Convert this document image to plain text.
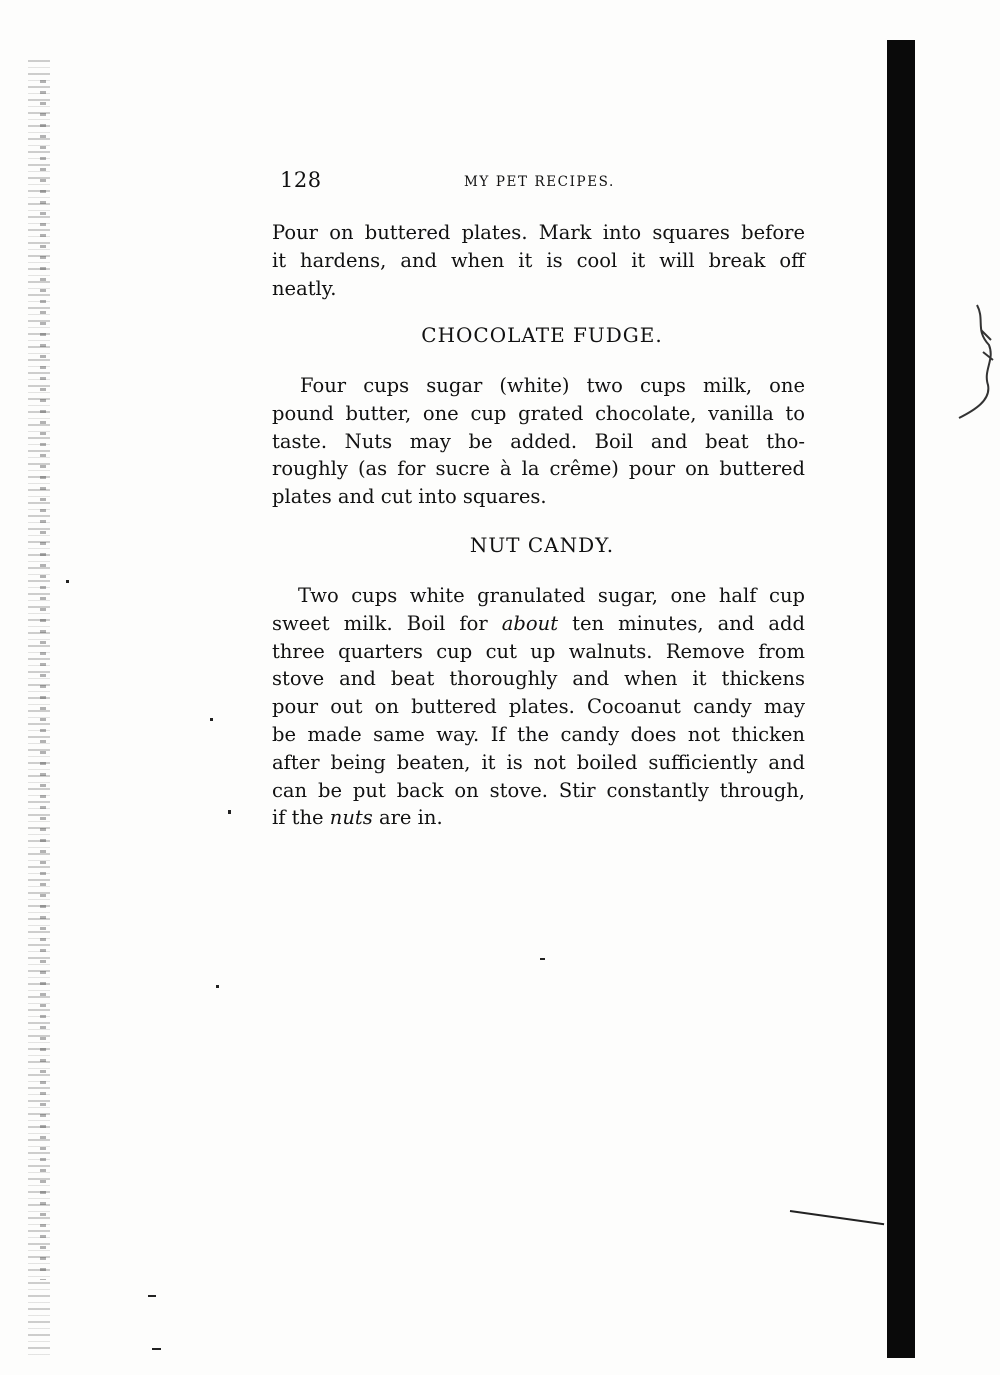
128	MY PET RECIPES.
Pour on buttered plates. Mark into squares before
it hardens, and when it is cool it will break off
neatly.
CHOCOLATE FUDGE.
Four cups sugar (white) two cups milk, one
pound butter, one cup grated chocolate, vanilla to
taste. Nuts may be added. Boil and beat tho-
roughly (as for sucre à la crême) pour on buttered
plates and cut into squares.
NUT CANDY.
Two cups white granulated sugar, one half cup
sweet milk. Boil for about ten minutes, and add
three quarters cup cut up walnuts. Remove from
stove and beat thoroughly and when it thickens
pour out on buttered plates. Cocoanut candy may
be made same way. If the candy does not thicken
after being beaten, it is not boiled sufficiently and
can be put back on stove. Stir constantly through,
if the nuts are in.
